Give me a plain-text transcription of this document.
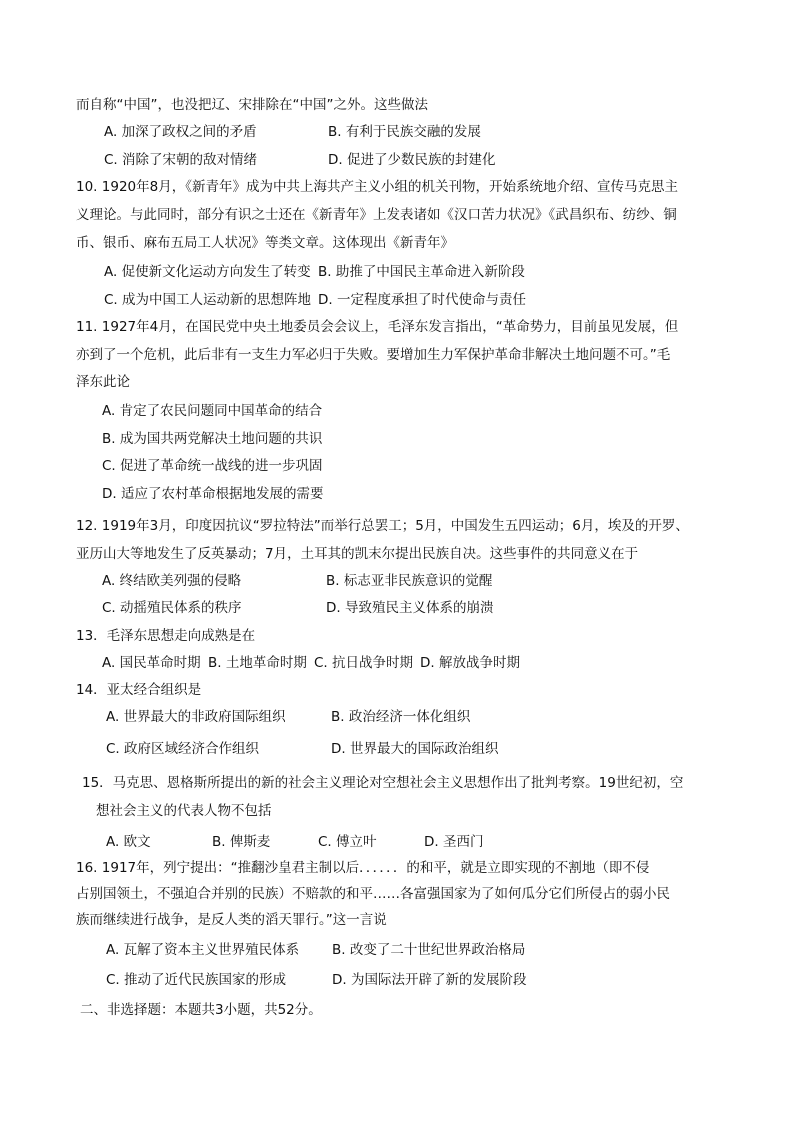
而自称“中国”，也没把辽、宋排除在“中国”之外。这些做法
A. 加深了政权之间的矛盾	B. 有利于民族交融的发展
C. 消除了宋朝的敌对情绪	D. 促进了少数民族的封建化
10. 1920年8月，《新青年》成为中共上海共产主义小组的机关刊物，开始系统地介绍、宣传马克思主
义理论。与此同时，部分有识之士还在《新青年》上发表诸如《汉口苦力状况》《武昌织布、纺纱、铜
币、银币、麻布五局工人状况》等类文章。这体现出《新青年》
A. 促使新文化运动方向发生了转变 B. 助推了中国民主革命进入新阶段
C. 成为中国工人运动新的思想阵地 D. 一定程度承担了时代使命与责任
11. 1927年4月，在国民党中央土地委员会会议上，毛泽东发言指出，“革命势力，目前虽见发展，但
亦到了一个危机，此后非有一支生力军必归于失败。要增加生力军保护革命非解决土地问题不可。”毛
泽东此论
A. 肯定了农民问题同中国革命的结合
B. 成为国共两党解决土地问题的共识
C. 促进了革命统一战线的进一步巩固
D. 适应了农村革命根据地发展的需要
12. 1919年3月，印度因抗议“罗拉特法”而举行总罢工；5月，中国发生五四运动；6月，埃及的开罗、
亚历山大等地发生了反英暴动；7月，土耳其的凯末尔提出民族自决。这些事件的共同意义在于
A. 终结欧美列强的侵略	B. 标志亚非民族意识的觉醒
C. 动摇殖民体系的秩序	D. 导致殖民主义体系的崩溃
13．毛泽东思想走向成熟是在
A. 国民革命时期 B. 土地革命时期 C. 抗日战争时期 D. 解放战争时期
14．亚太经合组织是
A. 世界最大的非政府国际组织	B. 政治经济一体化组织
C. 政府区域经济合作组织	D. 世界最大的国际政治组织
15．马克思、恩格斯所提出的新的社会主义理论对空想社会主义思想作出了批判考察。19世纪初，空
想社会主义的代表人物不包括
A. 欧文	B. 俾斯麦	C. 傅立叶	D. 圣西门
16. 1917年，列宁提出：“推翻沙皇君主制以后．．．．．．的和平，就是立即实现的不割地（即不侵
占别国领土，不强迫合并别的民族）不赔款的和平……各富强国家为了如何瓜分它们所侵占的弱小民
族而继续进行战争，是反人类的滔天罪行。”这一言说
A. 瓦解了资本主义世界殖民体系 B. 改变了二十世纪世界政治格局
C. 推动了近代民族国家的形成	D. 为国际法开辟了新的发展阶段
二、非选择题：本题共3小题，共52分。
